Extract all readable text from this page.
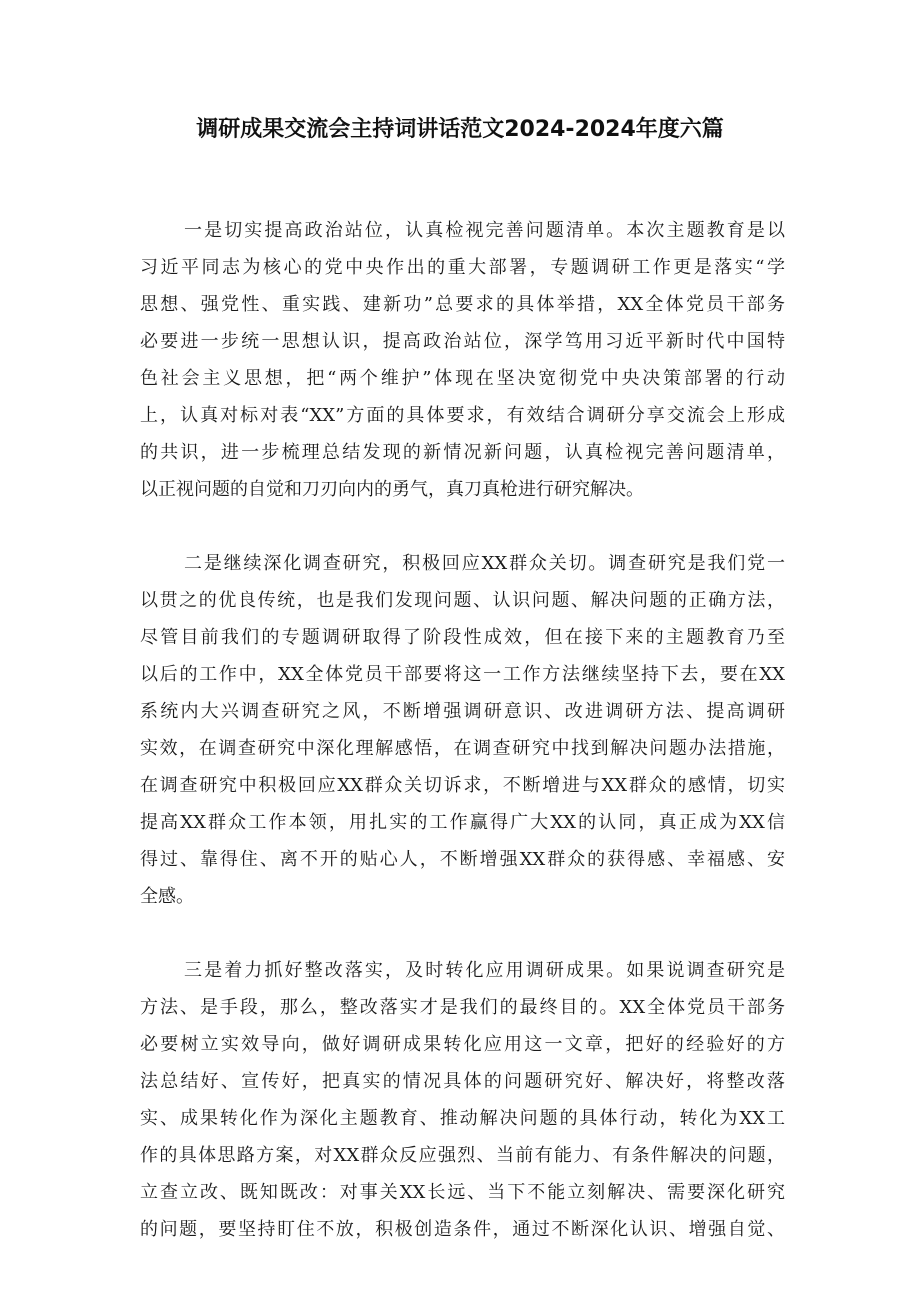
调研成果交流会主持词讲话范文2024-2024年度六篇
一是切实提高政治站位，认真检视完善问题清单。本次主题教育是以
习近平同志为核心的党中央作出的重大部署，专题调研工作更是落实“学
思想、强党性、重实践、建新功”总要求的具体举措，XX全体党员干部务
必要进一步统一思想认识，提高政治站位，深学笃用习近平新时代中国特
色社会主义思想，把“两个维护”体现在坚决宽彻党中央决策部署的行动
上，认真对标对表“XX”方面的具体要求，有效结合调研分享交流会上形成
的共识，进一步梳理总结发现的新情况新问题，认真检视完善问题清单，
以正视问题的自觉和刀刃向内的勇气，真刀真枪进行研究解决。
二是继续深化调查研究，积极回应XX群众关切。调查研究是我们党一
以贯之的优良传统，也是我们发现问题、认识问题、解决问题的正确方法，
尽管目前我们的专题调研取得了阶段性成效，但在接下来的主题教育乃至
以后的工作中，XX全体党员干部要将这一工作方法继续坚持下去，要在XX
系统内大兴调查研究之风，不断增强调研意识、改进调研方法、提高调研
实效，在调查研究中深化理解感悟，在调查研究中找到解决问题办法措施，
在调查研究中积极回应XX群众关切诉求，不断增进与XX群众的感情，切实
提高XX群众工作本领，用扎实的工作赢得广大XX的认同，真正成为XX信
得过、靠得住、离不开的贴心人，不断增强XX群众的获得感、幸福感、安
全感。
三是着力抓好整改落实，及时转化应用调研成果。如果说调查研究是
方法、是手段，那么，整改落实才是我们的最终目的。XX全体党员干部务
必要树立实效导向，做好调研成果转化应用这一文章，把好的经验好的方
法总结好、宣传好，把真实的情况具体的问题研究好、解决好，将整改落
实、成果转化作为深化主题教育、推动解决问题的具体行动，转化为XX工
作的具体思路方案，对XX群众反应强烈、当前有能力、有条件解决的问题，
立查立改、既知既改：对事关XX长远、当下不能立刻解决、需要深化研究
的问题，要坚持盯住不放，积极创造条件，通过不断深化认识、增强自觉、
